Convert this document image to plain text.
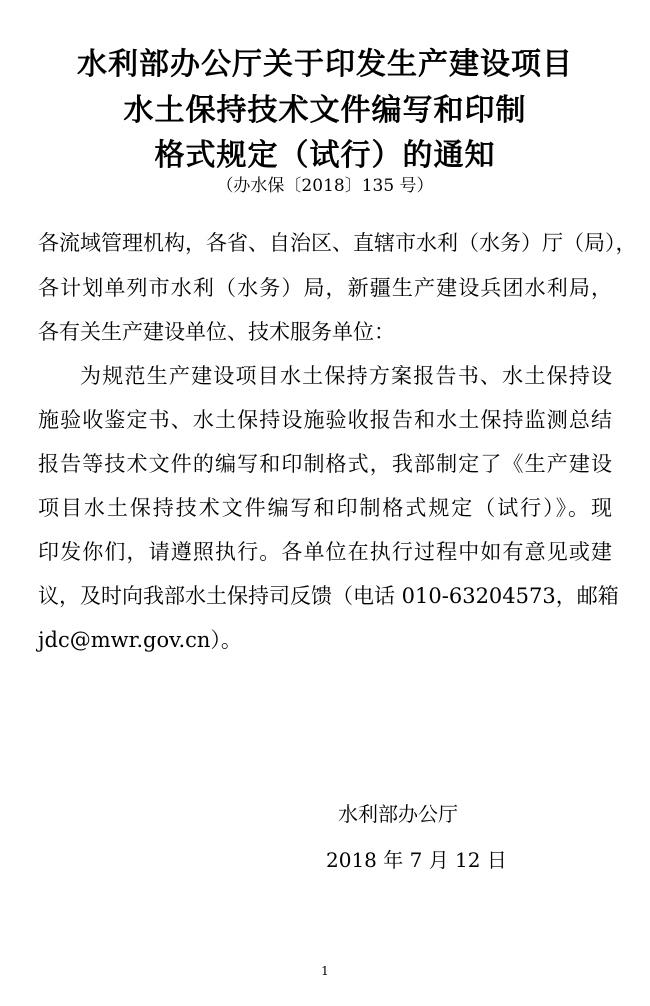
水利部办公厅关于印发生产建设项目
水土保持技术文件编写和印制
格式规定（试行）的通知
（办水保〔2018〕135 号）
各流域管理机构，各省、自治区、直辖市水利（水务）厅（局），
各计划单列市水利（水务）局，新疆生产建设兵团水利局，
各有关生产建设单位、技术服务单位：
为规范生产建设项目水土保持方案报告书、水土保持设
施验收鉴定书、水土保持设施验收报告和水土保持监测总结
报告等技术文件的编写和印制格式，我部制定了《生产建设
项目水土保持技术文件编写和印制格式规定（试行）》。现
印发你们，请遵照执行。各单位在执行过程中如有意见或建
议，及时向我部水土保持司反馈（电话 010-63204573，邮箱
jdc@mwr.gov.cn）。
水利部办公厅
2018 年 7 月 12 日
1
